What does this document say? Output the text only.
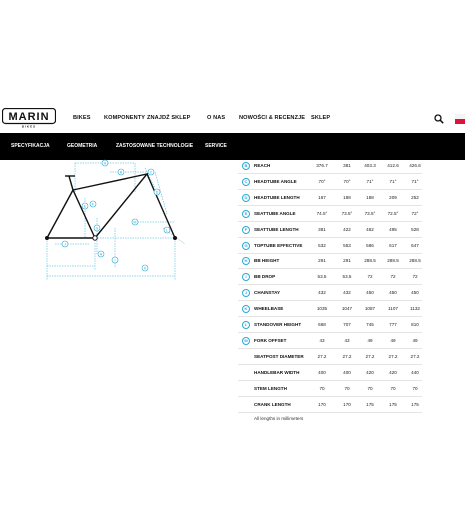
MARIN
BIKES
BIKES KOMPONENTY ZNAJDŹ SKLEP	O NAS NOWOŚCI & RECENZJE SKLEP
SPECYFIKACJA	GEOMETRIA	ZASTOSOWANE TECHNOLOGIE SERVICE
A
B	C
D
E F
G
H
I
J
K
L
M
B	REACH	376.7	381	403.3	412.6	426.6
C	HEADTUBE ANGLE	70°	70°	71°	71°	71°
D	HEADTUBE LENGTH	167	188	188	209	252
E	SEATTUBE ANGLE	74.5°	73.5°	73.5°	72.5°	72°
F	SEATTUBE LENGTH	381	422	462	495	528
G	TOPTUBE EFFECTIVE	532	553	586	617	647
H	BB HEIGHT	291	291	288.5	288.5	288.5
I	BB DROP	53.5	53.5	72	72	72
J	CHAINSTAY	432	432	450	450	450
K	WHEELBASE	1035	1047	1087	1107	1132
L	STANDOVER HEIGHT	668	707	745	777	810
M	FORK OFFSET	43	43	49	49	49
SEATPOST DIAMETER	27.2	27.2	27.2	27.2	27.2
HANDLEBAR WIDTH	400	400	420	420	440
STEM LENGTH	70	70	70	70	70
CRANK LENGTH	170	170	175	175	175
All lengths in millimeters
